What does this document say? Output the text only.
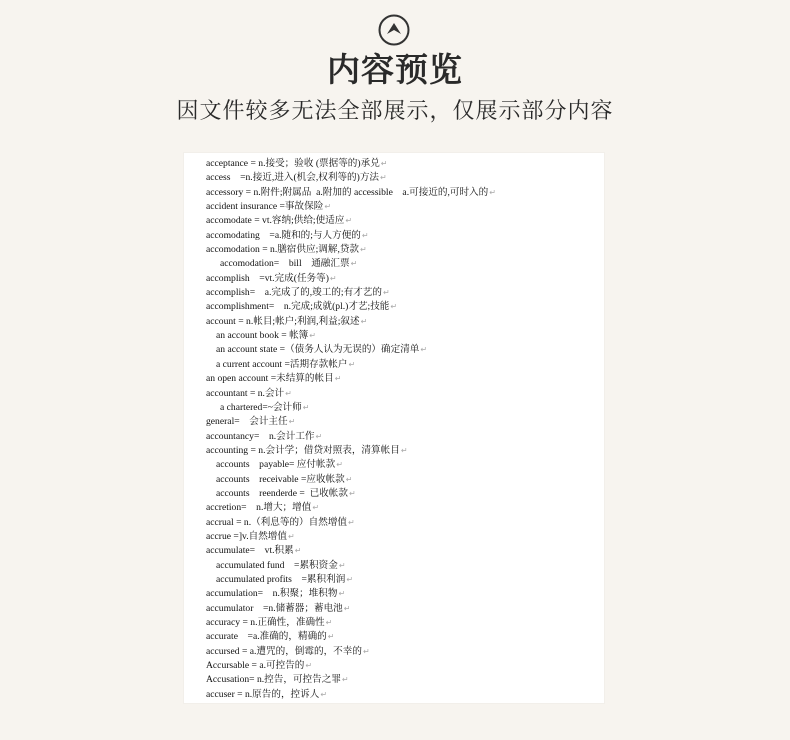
内容预览
因文件较多无法全部展示，仅展示部分内容
acceptance = n.接受；验收 (票据等的)承兑↵
access    =n.接近,进入(机会,权利等的)方法↵
accessory = n.附件;附属品  a.附加的 accessible    a.可接近的,可时入的↵
accident insurance =事故保险↵
accomodate = vt.容纳;供给;使适应↵
accomodating    =a.随和的;与人方便的↵
accomodation = n.膳宿供应;调解,贷款↵
accomodation=    bill    通融汇票↵
accomplish    =vt.完成(任务等)↵
accomplish=    a.完成了的,竣工的;有才艺的↵
accomplishment=    n.完成;成就(pl.)才艺;技能↵
account = n.帐目;帐户;利润,利益;叙述↵
an account book = 帐簿↵
an account state =（债务人认为无误的）确定清单↵
a current account =活期存款帐户↵
an open account =未结算的帐目↵
accountant = n.会计↵
a chartered=~会计师↵
general=    会计主任↵
accountancy=    n.会计工作↵
accounting = n.会计学；借贷对照表，清算帐目↵
accounts    payable= 应付帐款↵
accounts    receivable =应收帐款↵
accounts    reenderde =  已收帐款↵
accretion=    n.增大；增值↵
accrual = n.（利息等的）自然增值↵
accrue =]v.自然增值↵
accumulate=    vt.积累↵
accumulated fund    =累积资金↵
accumulated profits    =累积利润↵
accumulation=    n.积聚；堆积物↵
accumulator    =n.储蓄器；蓄电池↵
accuracy = n.正确性，准确性↵
accurate    =a.准确的，精确的↵
accursed = a.遭咒的，倒霉的，不幸的↵
Accursable = a.可控告的↵
Accusation= n.控告，可控告之罪↵
accuser = n.原告的，控诉人↵
